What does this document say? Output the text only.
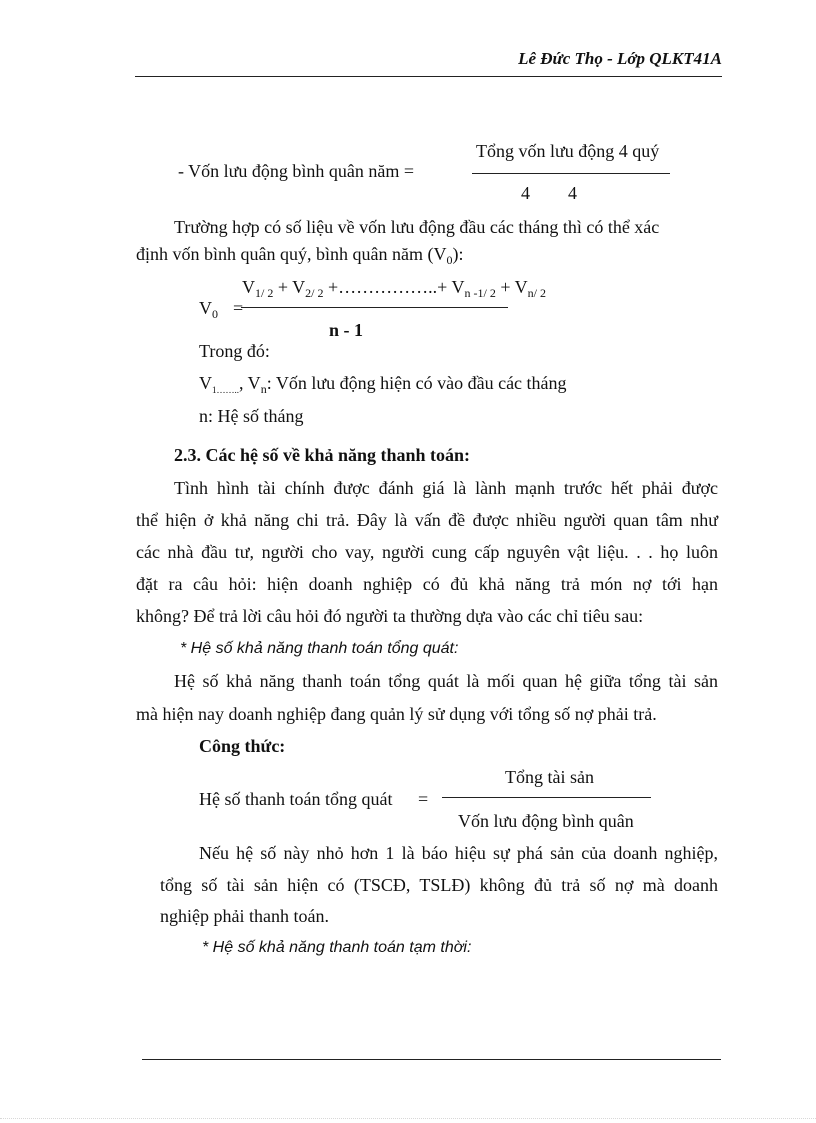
Lê Đức Thọ - Lớp QLKT41A
- Vốn lưu động bình quân năm =
Tổng vốn lưu động 4 quý
4 4
Trường hợp có số liệu về vốn lưu động đầu các tháng thì có thể xác
định vốn bình quân quý, bình quân năm $(V_0)$:
$V_0$ =
$V_{1/ 2} + V_{2/ 2}$ +……………..+ $V_{n -1/ 2} + V_{n/ 2}$
n - 1
Trong đó:
$V_{1\dots\dots..}$, $V_n$: Vốn lưu động hiện có vào đầu các tháng
n: Hệ số tháng
2.3. Các hệ số về khả năng thanh toán:
Tình hình tài chính được đánh giá là lành mạnh trước hết phải được
thể hiện ở khả năng chi trả. Đây là vấn đề được nhiều người quan tâm như
các nhà đầu tư, người cho vay, người cung cấp nguyên vật liệu. . . họ luôn
đặt ra câu hỏi: hiện doanh nghiệp có đủ khả năng trả món nợ tới hạn
không? Để trả lời câu hỏi đó người ta thường dựa vào các chỉ tiêu sau:
* Hệ số khả năng thanh toán tổng quát:
Hệ số khả năng thanh toán tổng quát là mối quan hệ giữa tổng tài sản
mà hiện nay doanh nghiệp đang quản lý sử dụng với tổng số nợ phải trả.
Công thức:
Hệ số thanh toán tổng quát =
Tổng tài sản
Vốn lưu động bình quân
Nếu hệ số này nhỏ hơn 1 là báo hiệu sự phá sản của doanh nghiệp,
tổng số tài sản hiện có (TSCĐ, TSLĐ) không đủ trả số nợ mà doanh
nghiệp phải thanh toán.
* Hệ số khả năng thanh toán tạm thời:
